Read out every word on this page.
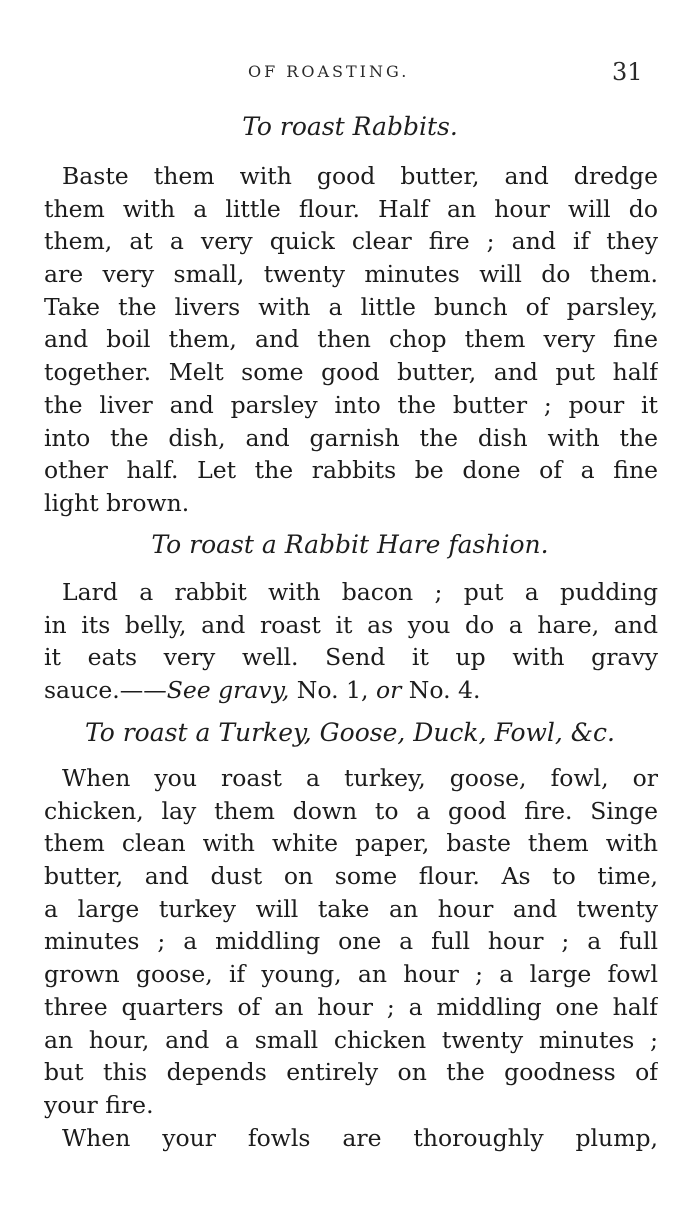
OF ROASTING.	31
To roast Rabbits.
Baste them with good butter, and dredge
them with a little flour. Half an hour will do
them, at a very quick clear fire ; and if they
are very small, twenty minutes will do them.
Take the livers with a little bunch of parsley,
and boil them, and then chop them very fine
together. Melt some good butter, and put half
the liver and parsley into the butter ; pour it
into the dish, and garnish the dish with the
other half. Let the rabbits be done of a fine
light brown.
To roast a Rabbit Hare fashion.
Lard a rabbit with bacon ; put a pudding
in its belly, and roast it as you do a hare, and
it eats very well. Send it up with gravy
sauce.——See gravy, No. 1, or No. 4.
To roast a Turkey, Goose, Duck, Fowl, &c.
When you roast a turkey, goose, fowl, or
chicken, lay them down to a good fire. Singe
them clean with white paper, baste them with
butter, and dust on some flour. As to time,
a large turkey will take an hour and twenty
minutes ; a middling one a full hour ; a full
grown goose, if young, an hour ; a large fowl
three quarters of an hour ; a middling one half
an hour, and a small chicken twenty minutes ;
but this depends entirely on the goodness of
your fire.
When your fowls are thoroughly plump,
